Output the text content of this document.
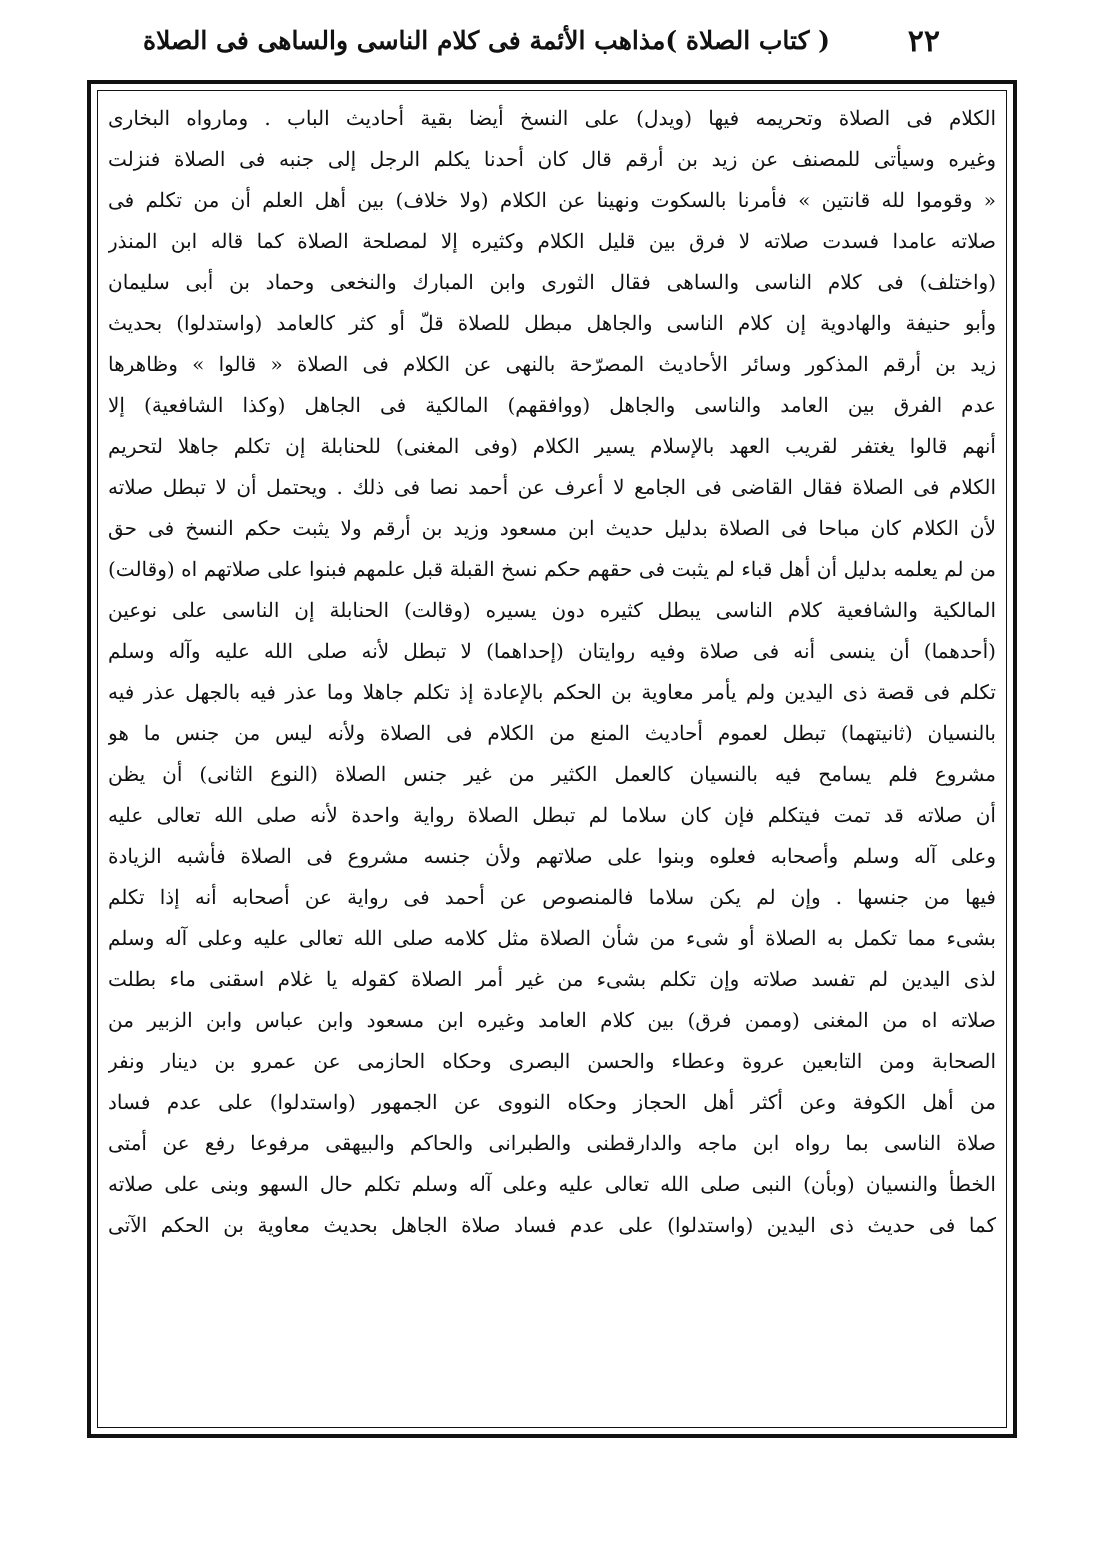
٢٢
( كتاب الصلاة )
مذاهب الأئمة فى كلام الناسى والساهى فى الصلاة
الكلام فى الصلاة وتحريمه فيها (ويدل) على النسخ أيضا بقية أحاديث الباب . ومارواه البخارى
وغيره وسيأتى للمصنف عن زيد بن أرقم قال كان أحدنا يكلم الرجل إلى جنبه فى الصلاة فنزلت
« وقوموا لله قانتين » فأمرنا بالسكوت ونهينا عن الكلام (ولا خلاف) بين أهل العلم أن من تكلم فى
صلاته عامدا فسدت صلاته لا فرق بين قليل الكلام وكثيره إلا لمصلحة الصلاة كما قاله ابن المنذر
(واختلف) فى كلام الناسى والساهى فقال الثورى وابن المبارك والنخعى وحماد بن أبى سليمان
وأبو حنيفة والهادوية إن كلام الناسى والجاهل مبطل للصلاة قلّ أو كثر كالعامد (واستدلوا) بحديث
زيد بن أرقم المذكور وسائر الأحاديث المصرّحة بالنهى عن الكلام فى الصلاة « قالوا » وظاهرها
عدم الفرق بين العامد والناسى والجاهل (ووافقهم) المالكية فى الجاهل (وكذا الشافعية) إلا
أنهم قالوا يغتفر لقريب العهد بالإسلام يسير الكلام (وفى المغنى) للحنابلة إن تكلم جاهلا لتحريم
الكلام فى الصلاة فقال القاضى فى الجامع لا أعرف عن أحمد نصا فى ذلك . ويحتمل أن لا تبطل صلاته
لأن الكلام كان مباحا فى الصلاة بدليل حديث ابن مسعود وزيد بن أرقم ولا يثبت حكم النسخ فى حق
من لم يعلمه بدليل أن أهل قباء لم يثبت فى حقهم حكم نسخ القبلة قبل علمهم فبنوا على صلاتهم اه (وقالت)
المالكية والشافعية كلام الناسى يبطل كثيره دون يسيره (وقالت) الحنابلة إن الناسى على نوعين
(أحدهما) أن ينسى أنه فى صلاة وفيه روايتان (إحداهما) لا تبطل لأنه صلى الله عليه وآله وسلم
تكلم فى قصة ذى اليدين ولم يأمر معاوية بن الحكم بالإعادة إذ تكلم جاهلا وما عذر فيه بالجهل عذر فيه
بالنسيان (ثانيتهما) تبطل لعموم أحاديث المنع من الكلام فى الصلاة ولأنه ليس من جنس ما هو
مشروع فلم يسامح فيه بالنسيان كالعمل الكثير من غير جنس الصلاة (النوع الثانى) أن يظن
أن صلاته قد تمت فيتكلم فإن كان سلاما لم تبطل الصلاة رواية واحدة لأنه صلى الله تعالى عليه
وعلى آله وسلم وأصحابه فعلوه وبنوا على صلاتهم ولأن جنسه مشروع فى الصلاة فأشبه الزيادة
فيها من جنسها . وإن لم يكن سلاما فالمنصوص عن أحمد فى رواية عن أصحابه أنه إذا تكلم
بشىء مما تكمل به الصلاة أو شىء من شأن الصلاة مثل كلامه صلى الله تعالى عليه وعلى آله وسلم
لذى اليدين لم تفسد صلاته وإن تكلم بشىء من غير أمر الصلاة كقوله يا غلام اسقنى ماء بطلت
صلاته اه من المغنى (وممن فرق) بين كلام العامد وغيره ابن مسعود وابن عباس وابن الزبير من
الصحابة ومن التابعين عروة وعطاء والحسن البصرى وحكاه الحازمى عن عمرو بن دينار ونفر
من أهل الكوفة وعن أكثر أهل الحجاز وحكاه النووى عن الجمهور (واستدلوا) على عدم فساد
صلاة الناسى بما رواه ابن ماجه والدارقطنى والطبرانى والحاكم والبيهقى مرفوعا رفع عن أمتى
الخطأ والنسيان (وبأن) النبى صلى الله تعالى عليه وعلى آله وسلم تكلم حال السهو وبنى على صلاته
كما فى حديث ذى اليدين (واستدلوا) على عدم فساد صلاة الجاهل بحديث معاوية بن الحكم الآتى
